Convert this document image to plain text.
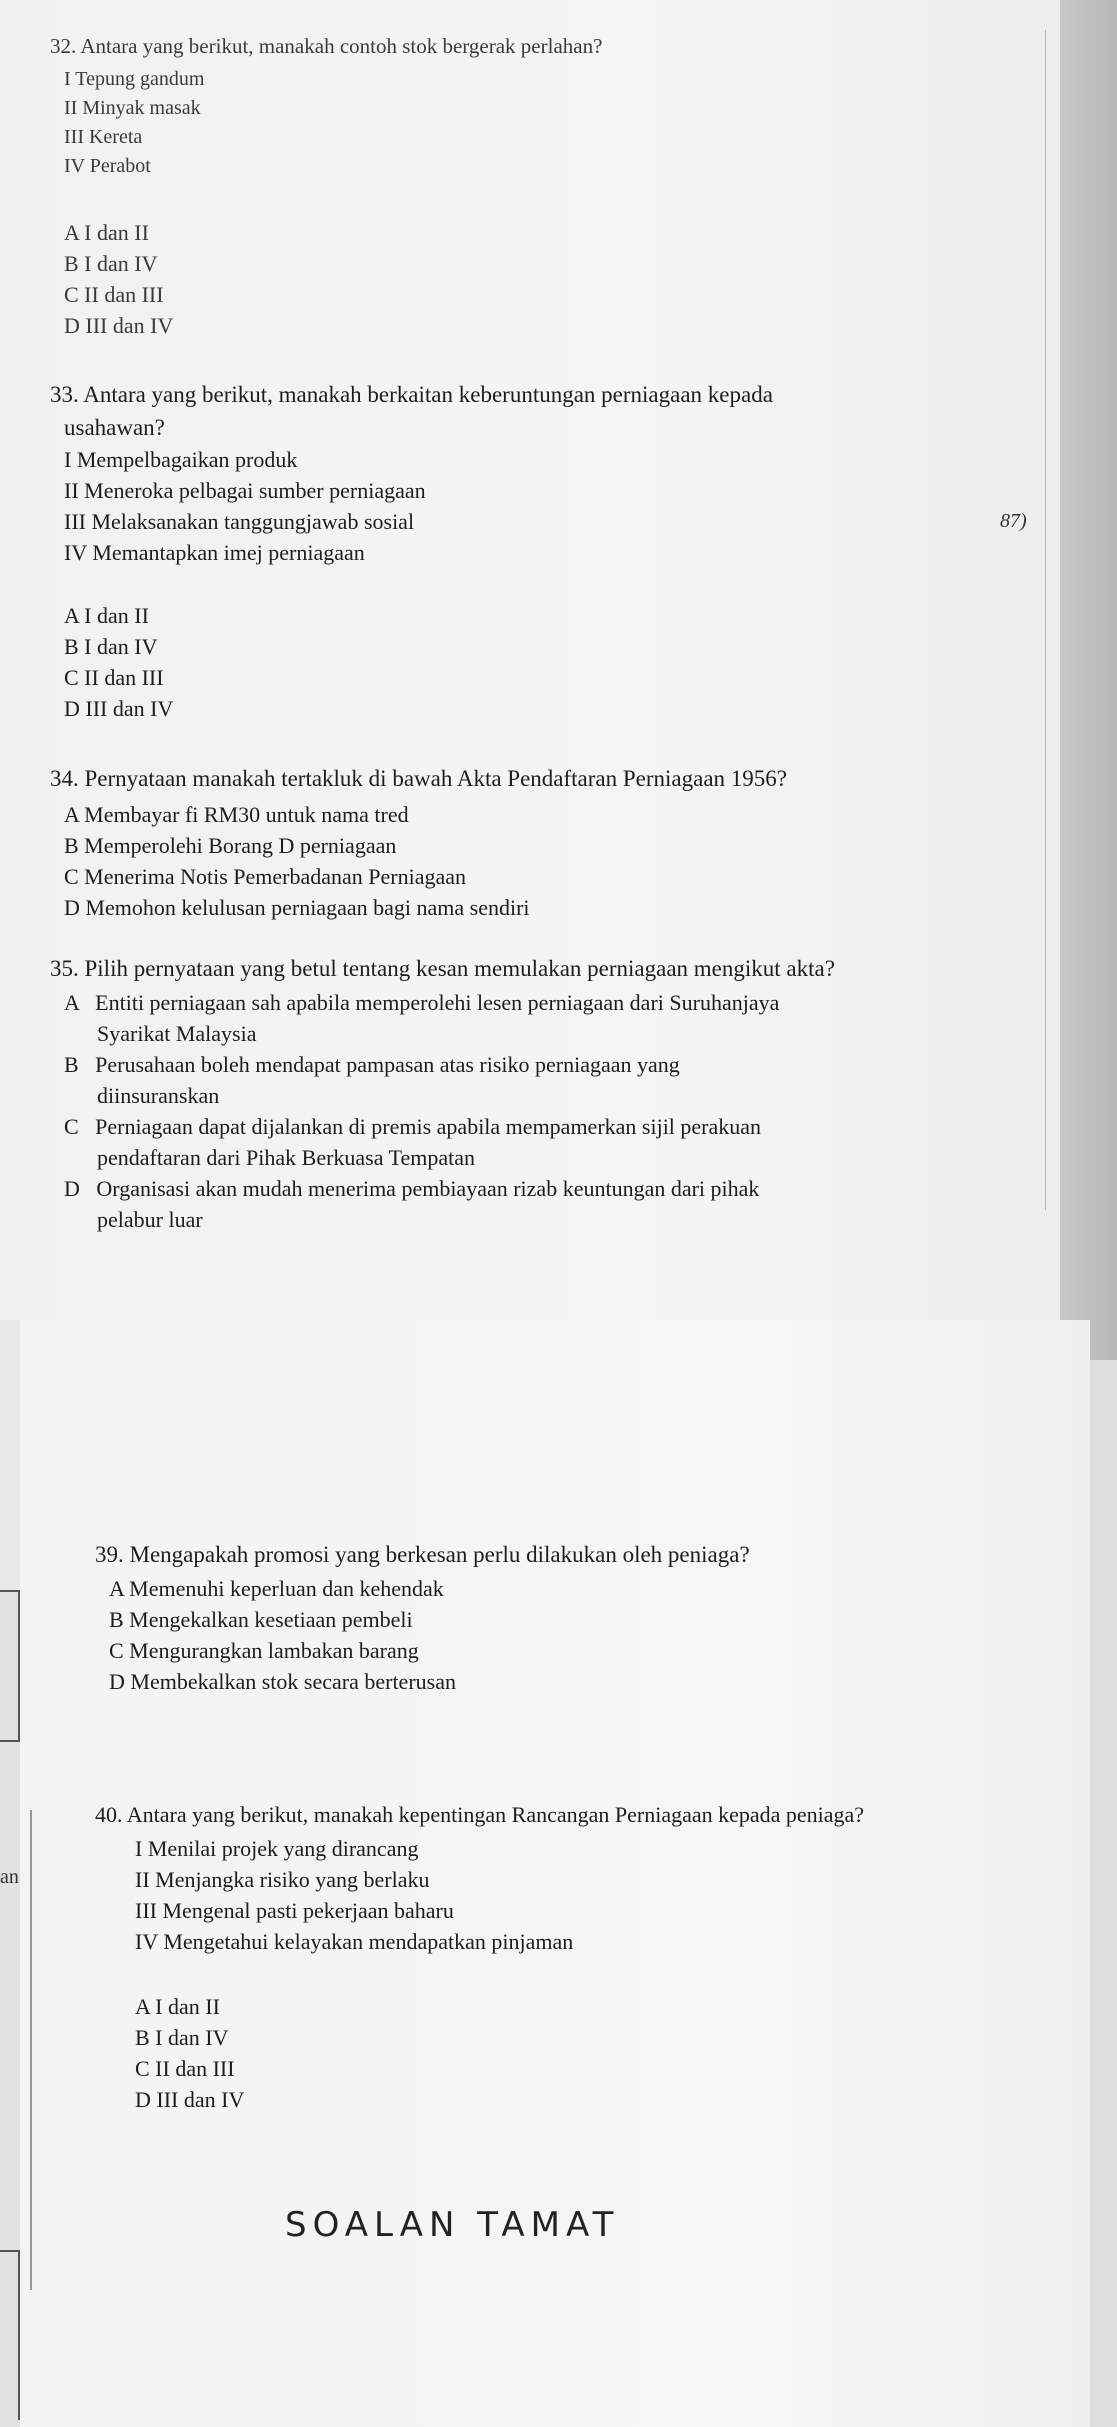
32. Antara yang berikut, manakah contoh stok bergerak perlahan?
I Tepung gandum
II Minyak masak
III Kereta
IV Perabot
A I dan II
B I dan IV
C II dan III
D III dan IV
33. Antara yang berikut, manakah berkaitan keberuntungan perniagaan kepada
usahawan?
I Mempelbagaikan produk
II Meneroka pelbagai sumber perniagaan
III Melaksanakan tanggungjawab sosial
IV Memantapkan imej perniagaan
A I dan II
B I dan IV
C II dan III
D III dan IV
87)
34. Pernyataan manakah tertakluk di bawah Akta Pendaftaran Perniagaan 1956?
A Membayar fi RM30 untuk nama tred
B Memperolehi Borang D perniagaan
C Menerima Notis Pemerbadanan Perniagaan
D Memohon kelulusan perniagaan bagi nama sendiri
35. Pilih pernyataan yang betul tentang kesan memulakan perniagaan mengikut akta?
A   Entiti perniagaan sah apabila memperolehi lesen perniagaan dari Suruhanjaya
Syarikat Malaysia
B   Perusahaan boleh mendapat pampasan atas risiko perniagaan yang
diinsuranskan
C   Perniagaan dapat dijalankan di premis apabila mempamerkan sijil perakuan
pendaftaran dari Pihak Berkuasa Tempatan
D   Organisasi akan mudah menerima pembiayaan rizab keuntungan dari pihak
pelabur luar
39. Mengapakah promosi yang berkesan perlu dilakukan oleh peniaga?
A Memenuhi keperluan dan kehendak
B Mengekalkan kesetiaan pembeli
C Mengurangkan lambakan barang
D Membekalkan stok secara berterusan
40. Antara yang berikut, manakah kepentingan Rancangan Perniagaan kepada peniaga?
I Menilai projek yang dirancang
II Menjangka risiko yang berlaku
III Mengenal pasti pekerjaan baharu
IV Mengetahui kelayakan mendapatkan pinjaman
A I dan II
B I dan IV
C II dan III
D III dan IV
an
SOALAN TAMAT
